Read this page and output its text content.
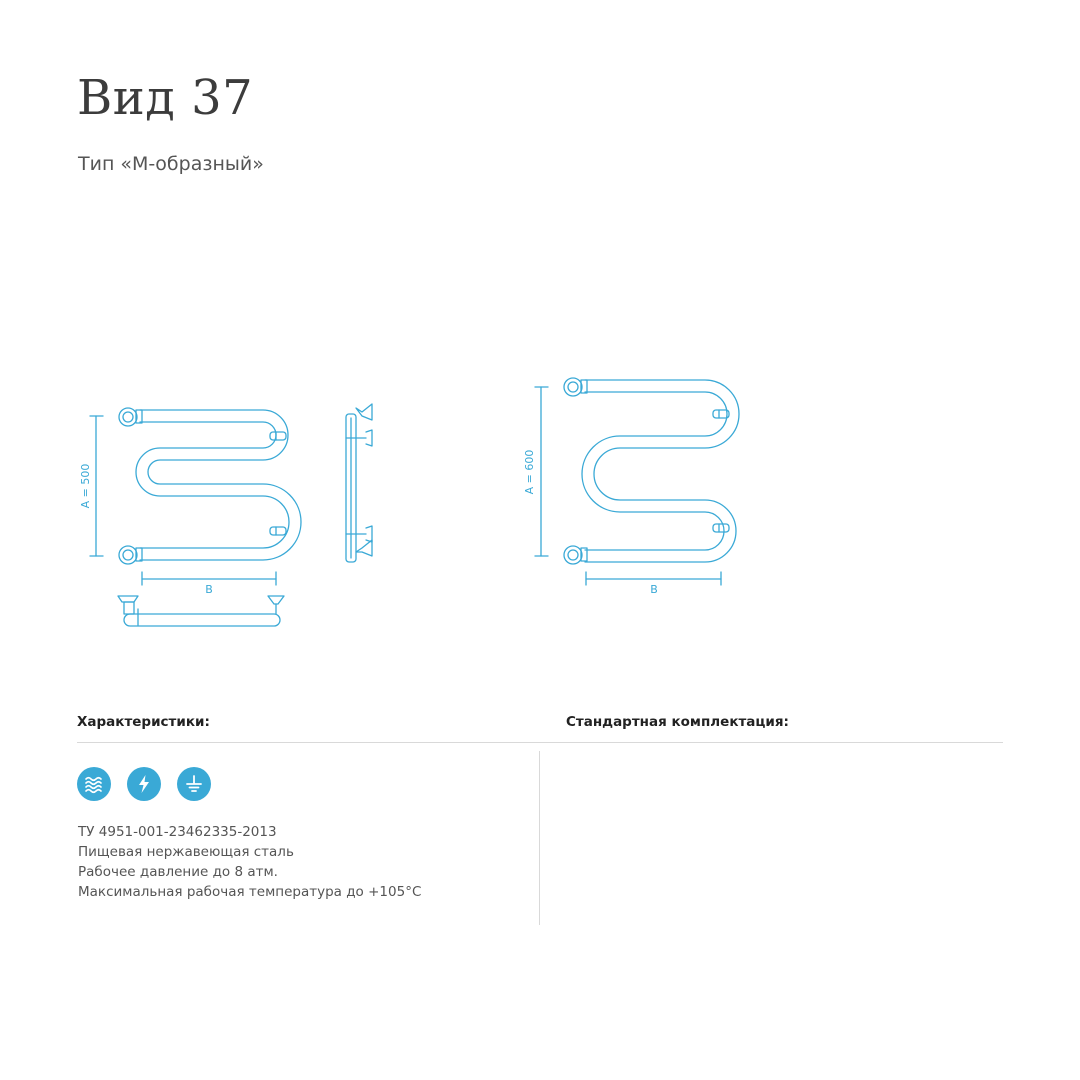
Вид 37

Тип «М-образный»

А = 500
В
А = 600
В
Характеристики:	Стандартная комплектация:
ТУ 4951-001-23462335-2013
Пищевая нержавеющая сталь
Рабочее давление до 8 атм.
Максимальная рабочая температура до +105°С
